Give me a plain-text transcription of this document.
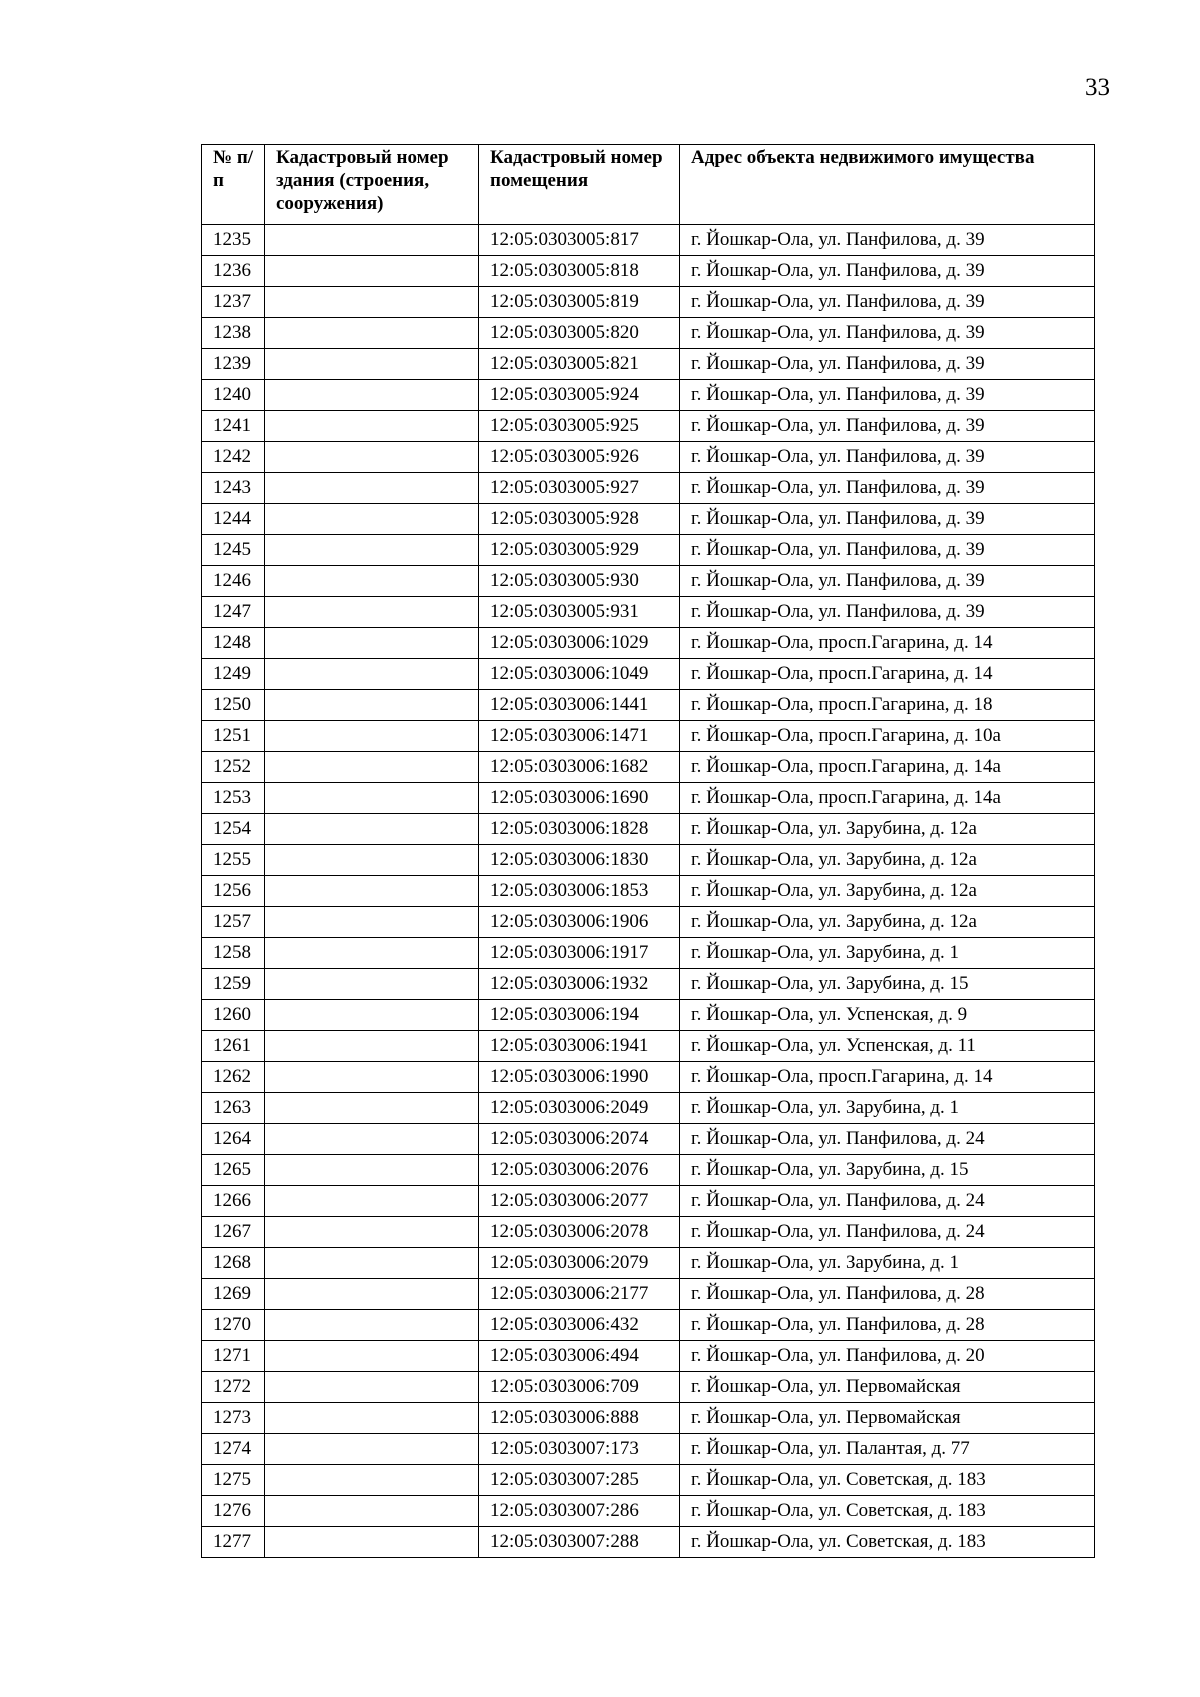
33
№ п/п	Кадастровый номер здания (строения, сооружения)	Кадастровый номер помещения	Адрес объекта недвижимого имущества
1235		12:05:0303005:817	г. Йошкар-Ола, ул. Панфилова, д. 39
1236		12:05:0303005:818	г. Йошкар-Ола, ул. Панфилова, д. 39
1237		12:05:0303005:819	г. Йошкар-Ола, ул. Панфилова, д. 39
1238		12:05:0303005:820	г. Йошкар-Ола, ул. Панфилова, д. 39
1239		12:05:0303005:821	г. Йошкар-Ола, ул. Панфилова, д. 39
1240		12:05:0303005:924	г. Йошкар-Ола, ул. Панфилова, д. 39
1241		12:05:0303005:925	г. Йошкар-Ола, ул. Панфилова, д. 39
1242		12:05:0303005:926	г. Йошкар-Ола, ул. Панфилова, д. 39
1243		12:05:0303005:927	г. Йошкар-Ола, ул. Панфилова, д. 39
1244		12:05:0303005:928	г. Йошкар-Ола, ул. Панфилова, д. 39
1245		12:05:0303005:929	г. Йошкар-Ола, ул. Панфилова, д. 39
1246		12:05:0303005:930	г. Йошкар-Ола, ул. Панфилова, д. 39
1247		12:05:0303005:931	г. Йошкар-Ола, ул. Панфилова, д. 39
1248		12:05:0303006:1029	г. Йошкар-Ола, просп.Гагарина, д. 14
1249		12:05:0303006:1049	г. Йошкар-Ола, просп.Гагарина, д. 14
1250		12:05:0303006:1441	г. Йошкар-Ола, просп.Гагарина, д. 18
1251		12:05:0303006:1471	г. Йошкар-Ола, просп.Гагарина, д. 10а
1252		12:05:0303006:1682	г. Йошкар-Ола, просп.Гагарина, д. 14а
1253		12:05:0303006:1690	г. Йошкар-Ола, просп.Гагарина, д. 14а
1254		12:05:0303006:1828	г. Йошкар-Ола, ул. Зарубина, д. 12а
1255		12:05:0303006:1830	г. Йошкар-Ола, ул. Зарубина, д. 12а
1256		12:05:0303006:1853	г. Йошкар-Ола, ул. Зарубина, д. 12а
1257		12:05:0303006:1906	г. Йошкар-Ола, ул. Зарубина, д. 12а
1258		12:05:0303006:1917	г. Йошкар-Ола, ул. Зарубина, д. 1
1259		12:05:0303006:1932	г. Йошкар-Ола, ул. Зарубина, д. 15
1260		12:05:0303006:194	г. Йошкар-Ола, ул. Успенская, д. 9
1261		12:05:0303006:1941	г. Йошкар-Ола, ул. Успенская, д. 11
1262		12:05:0303006:1990	г. Йошкар-Ола, просп.Гагарина, д. 14
1263		12:05:0303006:2049	г. Йошкар-Ола, ул. Зарубина, д. 1
1264		12:05:0303006:2074	г. Йошкар-Ола, ул. Панфилова, д. 24
1265		12:05:0303006:2076	г. Йошкар-Ола, ул. Зарубина, д. 15
1266		12:05:0303006:2077	г. Йошкар-Ола, ул. Панфилова, д. 24
1267		12:05:0303006:2078	г. Йошкар-Ола, ул. Панфилова, д. 24
1268		12:05:0303006:2079	г. Йошкар-Ола, ул. Зарубина, д. 1
1269		12:05:0303006:2177	г. Йошкар-Ола, ул. Панфилова, д. 28
1270		12:05:0303006:432	г. Йошкар-Ола, ул. Панфилова, д. 28
1271		12:05:0303006:494	г. Йошкар-Ола, ул. Панфилова, д. 20
1272		12:05:0303006:709	г. Йошкар-Ола, ул. Первомайская
1273		12:05:0303006:888	г. Йошкар-Ола, ул. Первомайская
1274		12:05:0303007:173	г. Йошкар-Ола, ул. Палантая, д. 77
1275		12:05:0303007:285	г. Йошкар-Ола, ул. Советская, д. 183
1276		12:05:0303007:286	г. Йошкар-Ола, ул. Советская, д. 183
1277		12:05:0303007:288	г. Йошкар-Ола, ул. Советская, д. 183
